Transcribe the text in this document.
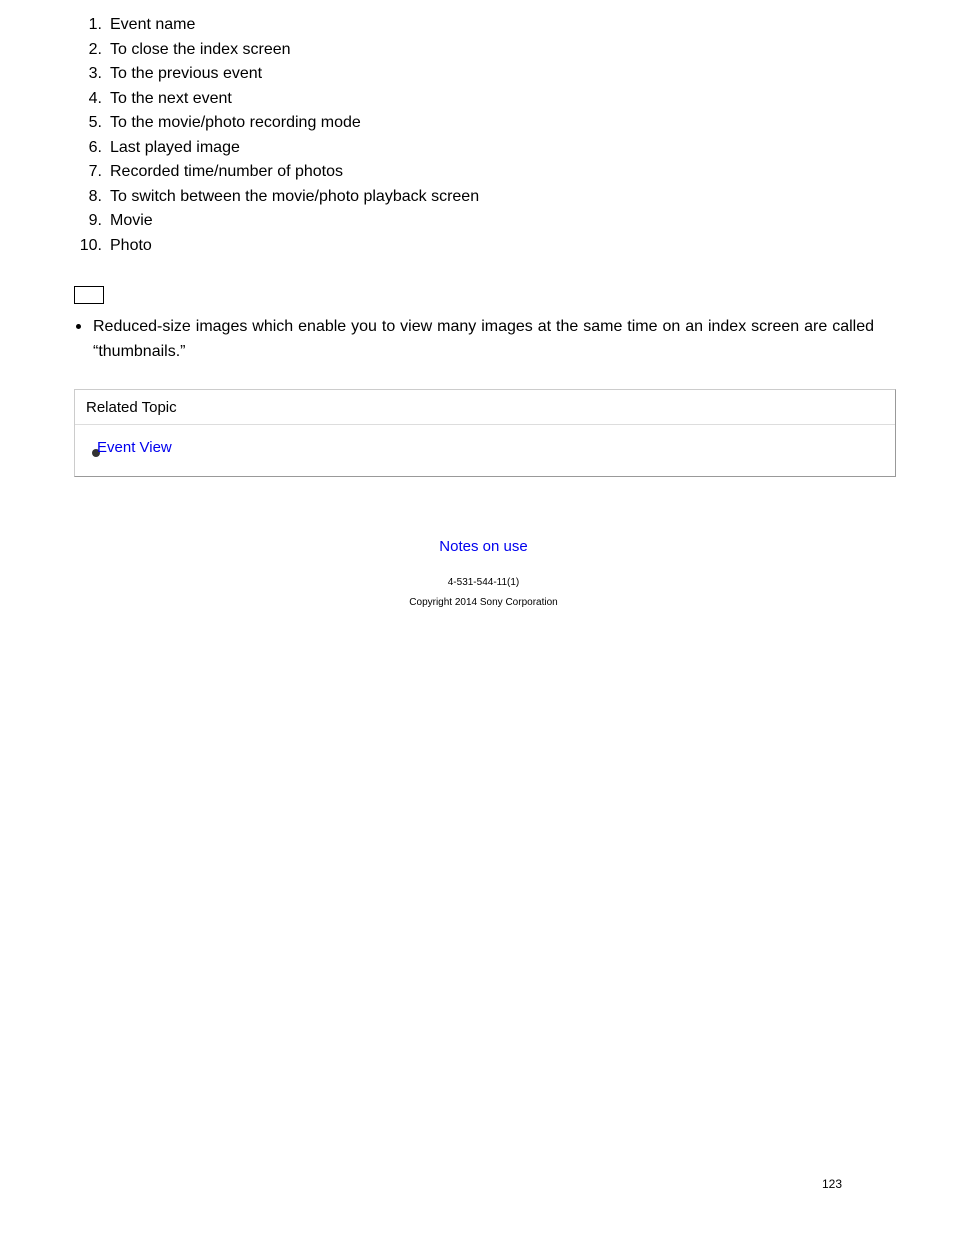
1. Event name
2. To close the index screen
3. To the previous event
4. To the next event
5. To the movie/photo recording mode
6. Last played image
7. Recorded time/number of photos
8. To switch between the movie/photo playback screen
9. Movie
10. Photo
Reduced-size images which enable you to view many images at the same time on an index screen are called “thumbnails.”
Related Topic
Event View
Notes on use
4-531-544-11(1)
Copyright 2014 Sony Corporation
123
